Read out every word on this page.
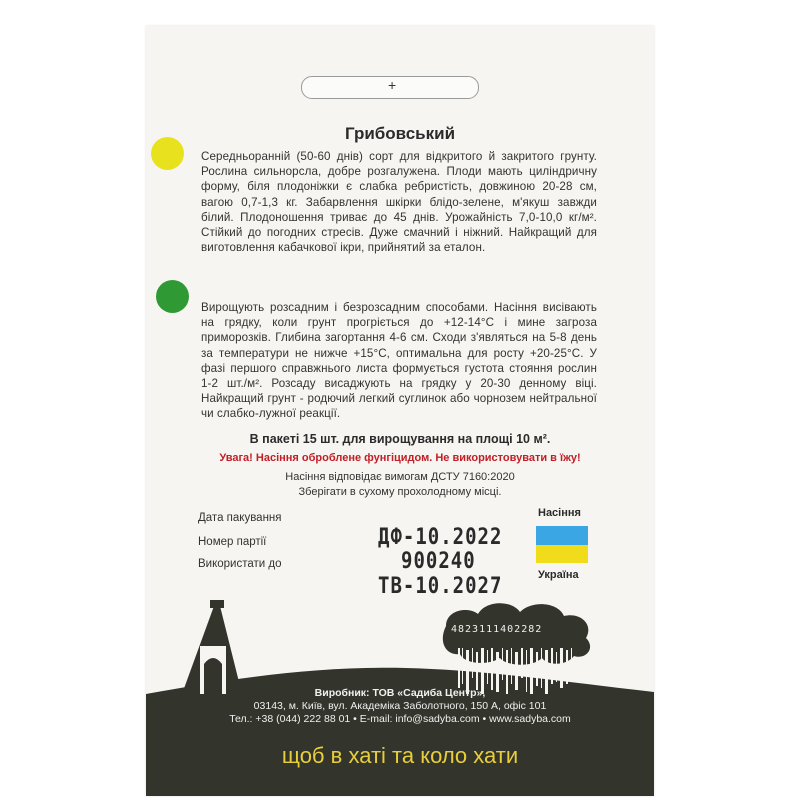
+
Грибовський
Середньоранній (50-60 днів) сорт для відкритого й закритого грунту. Рослина сильнорсла, добре розгалужена. Плоди мають циліндричну форму, біля плодоніжки є слабка ребристість, довжиною 20-28 см, вагою 0,7-1,3 кг. Забарвлення шкірки блідо-зелене, м'якуш завжди білий. Плодоношення триває до 45 днів. Урожайність 7,0-10,0 кг/м². Стійкий до погодних стресів. Дуже смачний і ніжний. Найкращий для виготовлення кабачкової ікри, прийнятий за еталон.
Вирощують розсадним і безрозсадним способами. Насіння висівають на грядку, коли грунт прогріється до +12-14°С і мине загроза приморозків. Глибина загортання 4-6 см. Сходи з'являться на 5-8 день за температури не нижче +15°С, оптимальна для росту +20-25°С. У фазі першого справжнього листа формується густота стояння рослин 1-2 шт./м². Розсаду висаджують на грядку у 20-30 денному віці. Найкращий грунт - родючий легкий суглинок або чорнозем нейтральної чи слабко-лужної реакції.
В пакеті 15 шт. для вирощування на площі 10 м².
Увага! Насіння оброблене фунгіцидом. Не використовувати в їжу!
Насіння відповідає вимогам ДСТУ 7160:2020
Зберігати в сухому прохолодному місці.
Дата пакування
Номер партії
Використати до
ДФ-10.2022
900240
ТВ-10.2027
Насіння
Україна
4823111402282
Виробник: ТОВ «Садиба Центр»,
03143, м. Київ, вул. Академіка Заболотного, 150 А, офіс 101
Тел.: +38 (044) 222 88 01 • E-mail: info@sadyba.com • www.sadyba.com
щоб в хаті та коло хати
